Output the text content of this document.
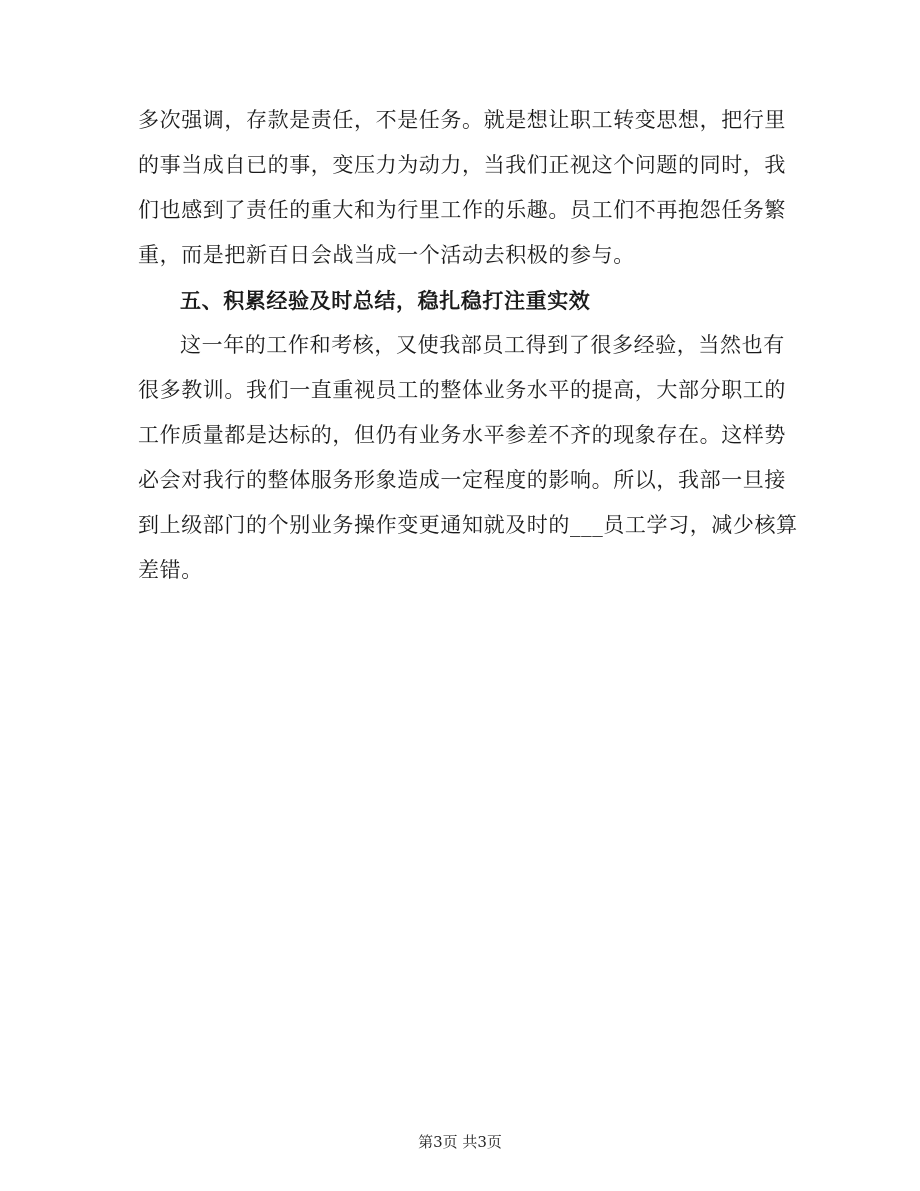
多次强调，存款是责任，不是任务。就是想让职工转变思想，把行里
的事当成自已的事，变压力为动力，当我们正视这个问题的同时，我
们也感到了责任的重大和为行里工作的乐趣。员工们不再抱怨任务繁
重，而是把新百日会战当成一个活动去积极的参与。

五、积累经验及时总结，稳扎稳打注重实效

这一年的工作和考核，又使我部员工得到了很多经验，当然也有
很多教训。我们一直重视员工的整体业务水平的提高，大部分职工的
工作质量都是达标的，但仍有业务水平参差不齐的现象存在。这样势
必会对我行的整体服务形象造成一定程度的影响。所以，我部一旦接
到上级部门的个别业务操作变更通知就及时的___员工学习，减少核算
差错。

第3页 共3页
